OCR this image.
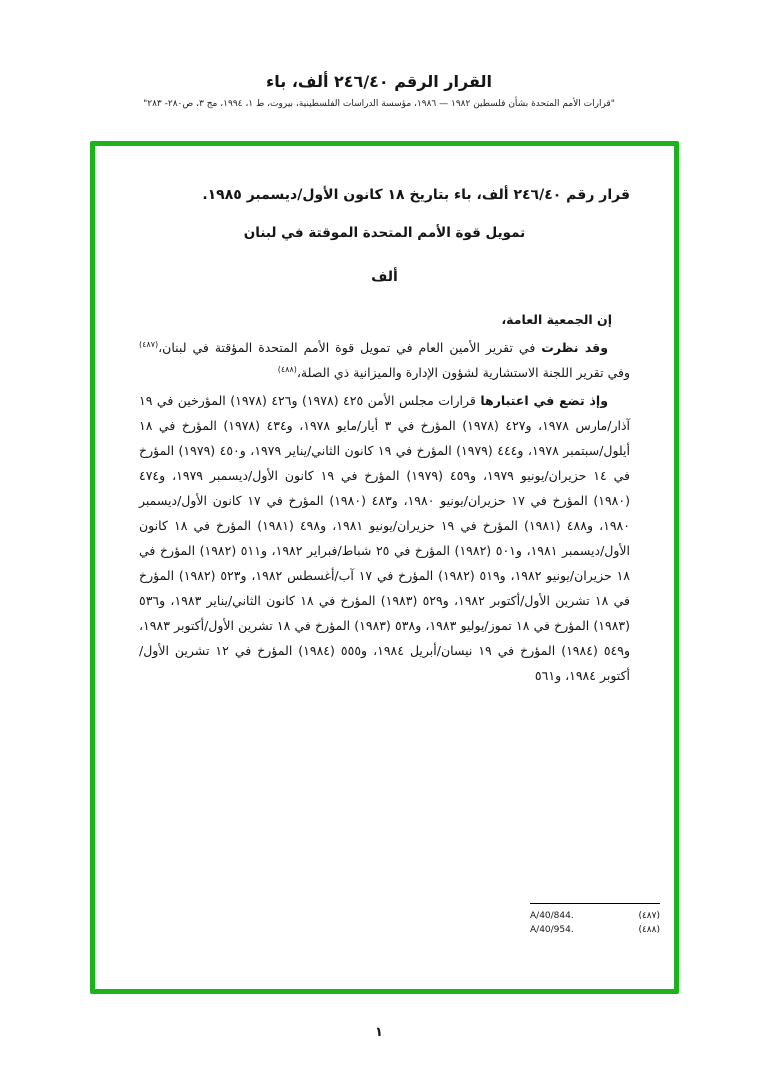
القرار الرقم ٢٤٦/٤٠ ألف، باء
"قرارات الأمم المتحدة بشأن فلسطين ١٩٨٢ — ١٩٨٦، مؤسسة الدراسات الفلسطينية، بيروت، ط ١، ١٩٩٤، مج ٣، ص٢٨٠- ٢٨٣"

قرار رقم ٢٤٦/٤٠ ألف، باء بتاريخ ١٨ كانون الأول/ديسمبر ١٩٨٥.

تمويل قوة الأمم المتحدة الموقتة في لبنان

ألف

إن الجمعية العامة،

وقد نظرت في تقرير الأمين العام في تمويل قوة الأمم المتحدة المؤقتة في لبنان،$^{(٤٨٧)}$ وفي تقرير اللجنة الاستشارية لشؤون الإدارة والميزانية ذي الصلة،$^{(٤٨٨)}$

وإذ تضع في اعتبارها قرارات مجلس الأمن ٤٢٥ (١٩٧٨) و٤٢٦ (١٩٧٨) المؤرخين في ١٩ آذار/مارس ١٩٧٨، و٤٢٧ (١٩٧٨) المؤرخ في ٣ أيار/مايو ١٩٧٨، و٤٣٤ (١٩٧٨) المؤرخ في ١٨ أيلول/سبتمبر ١٩٧٨، و٤٤٤ (١٩٧٩) المؤرخ في ١٩ كانون الثاني/يناير ١٩٧٩، و٤٥٠ (١٩٧٩) المؤرخ في ١٤ حزيران/يونيو ١٩٧٩، و٤٥٩ (١٩٧٩) المؤرخ في ١٩ كانون الأول/ديسمبر ١٩٧٩، و٤٧٤ (١٩٨٠) المؤرخ في ١٧ حزيران/يونيو ١٩٨٠، و٤٨٣ (١٩٨٠) المؤرخ في ١٧ كانون الأول/ديسمبر ١٩٨٠، و٤٨٨ (١٩٨١) المؤرخ في ١٩ حزيران/يونيو ١٩٨١، و٤٩٨ (١٩٨١) المؤرخ في ١٨ كانون الأول/ديسمبر ١٩٨١، و٥٠١ (١٩٨٢) المؤرخ في ٢٥ شباط/فبراير ١٩٨٢، و٥١١ (١٩٨٢) المؤرخ في ١٨ حزيران/يونيو ١٩٨٢، و٥١٩ (١٩٨٢) المؤرخ في ١٧ آب/أغسطس ١٩٨٢، و٥٢٣ (١٩٨٢) المؤرخ في ١٨ تشرين الأول/أكتوبر ١٩٨٢، و٥٢٩ (١٩٨٣) المؤرخ في ١٨ كانون الثاني/يناير ١٩٨٣، و٥٣٦ (١٩٨٣) المؤرخ في ١٨ تموز/يوليو ١٩٨٣، و٥٣٨ (١٩٨٣) المؤرخ في ١٨ تشرين الأول/أكتوبر ١٩٨٣، و٥٤٩ (١٩٨٤) المؤرخ في ١٩ نيسان/أبريل ١٩٨٤، و٥٥٥ (١٩٨٤) المؤرخ في ١٢ تشرين الأول/أكتوبر ١٩٨٤، و٥٦١

A/40/844.	(٤٨٧)
A/40/954.	(٤٨٨)
١
